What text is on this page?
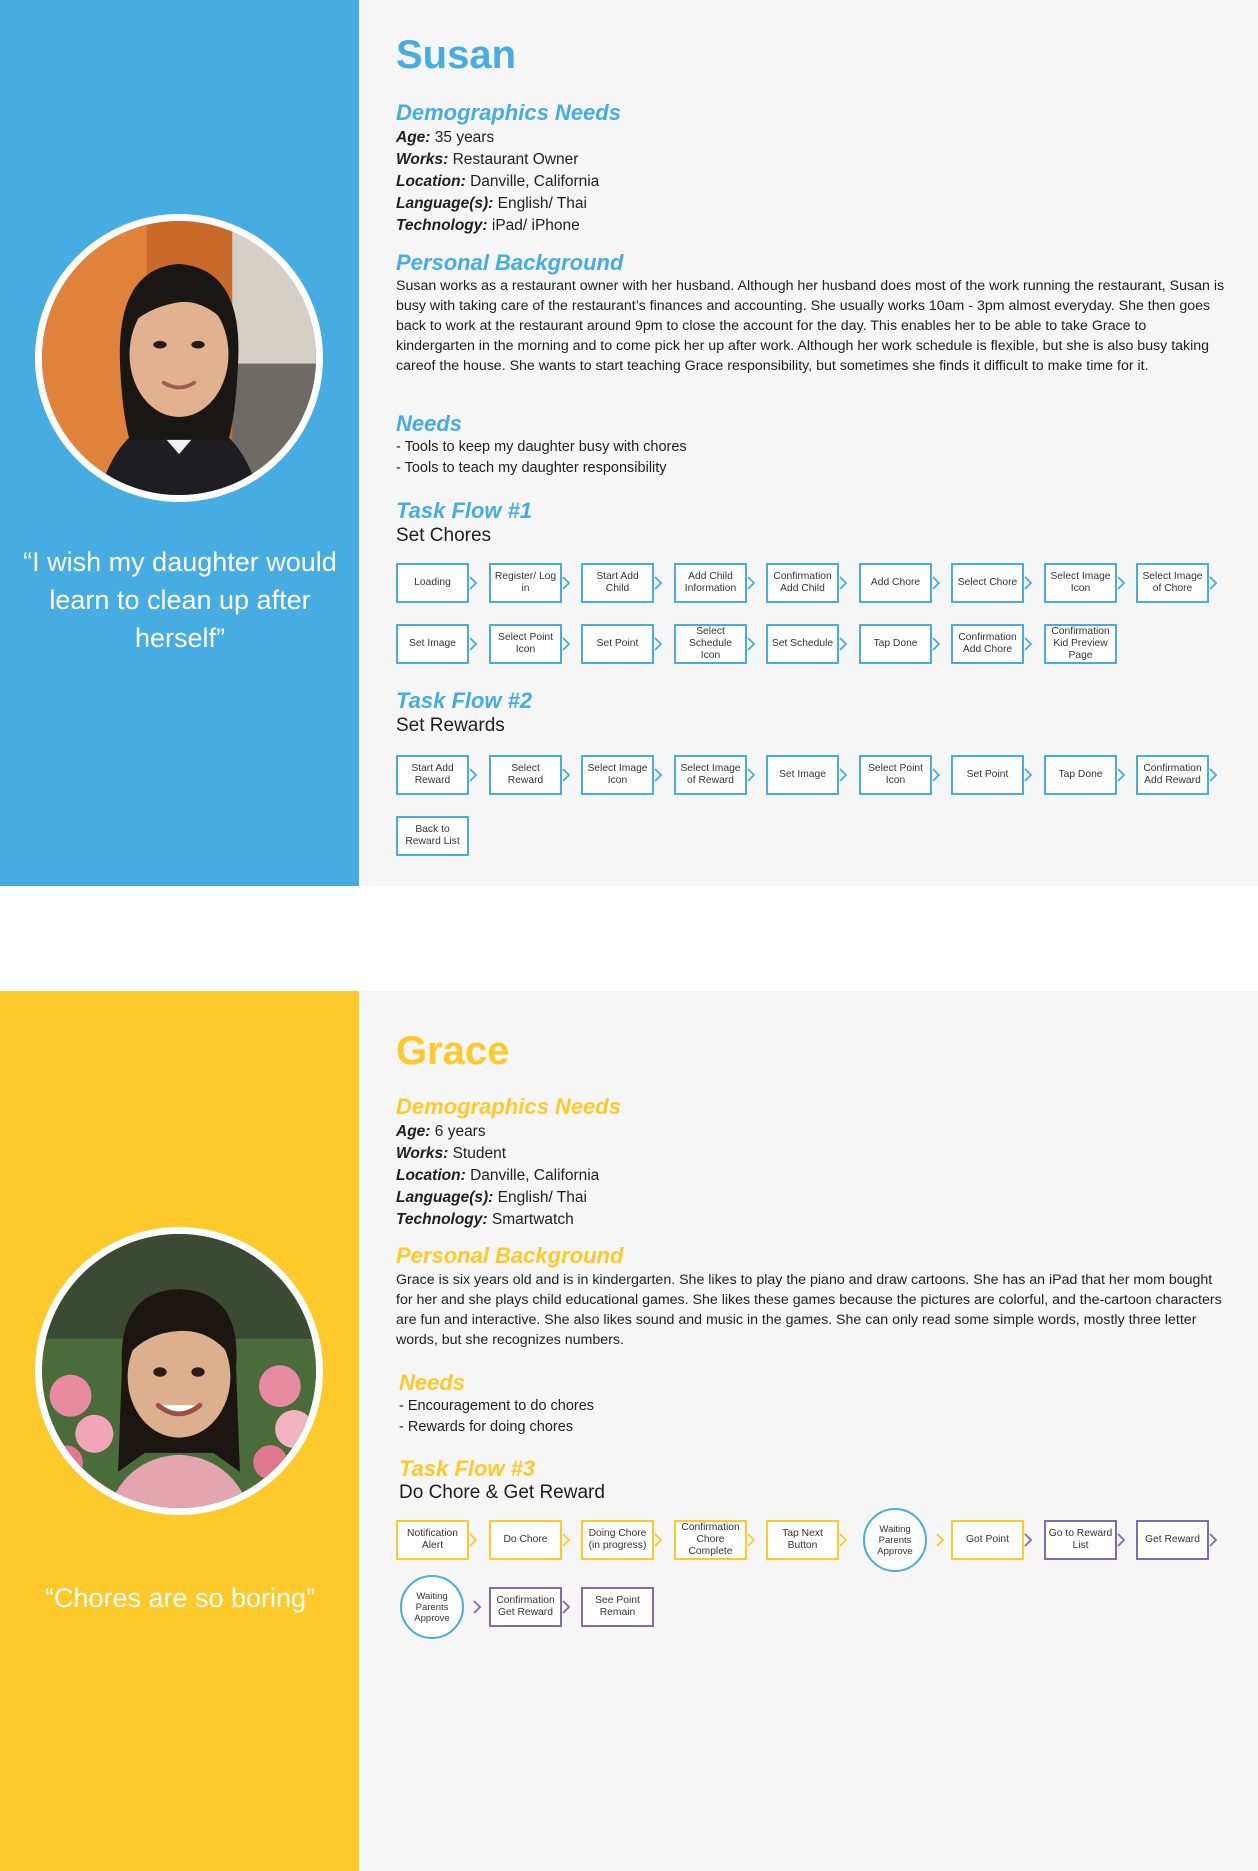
“I wish my daughter would learn to clean up after herself”
Susan
Demographics Needs
Age: 35 years
Works: Restaurant Owner
Location: Danville, California
Language(s): English/ Thai
Technology: iPad/ iPhone
Personal Background
Susan works as a restaurant owner with her husband. Although her husband does most of the work running the restaurant, Susan is busy with taking care of the restaurant’s finances and accounting. She usually works 10am - 3pm almost everyday. She then goes back to work at the restaurant around 9pm to close the account for the day. This enables her to be able to take Grace to kindergarten in the morning and to come pick her up after work. Although her work schedule is flexible, but she is also busy taking careof the house. She wants to start teaching Grace responsibility, but sometimes she finds it difficult to make time for it.
Needs
- Tools to keep my daughter busy with chores
- Tools to teach my daughter responsibility
Task Flow #1
Set Chores
Task Flow #2
Set Rewards
Loading
Register/ Log in
Start Add Child
Add Child Information
Confirmation Add Child
Add Chore	Select Chore
Select Image Icon
Select Image of Chore
Set Image
Select Point Icon
Set Point
Select Schedule Icon
Set Schedule	Tap Done
Confirmation Add Chore
Confirmation Kid Preview Page
Start Add Reward
Select Reward
Select Image Icon
Select Image of Reward
Set Image
Select Point Icon
Set Point	Tap Done
Confirmation Add Reward
Back to Reward List
“Chores are so boring”
Grace
Demographics Needs
Age: 6 years
Works: Student
Location: Danville, California
Language(s): English/ Thai
Technology: Smartwatch
Personal Background
Grace is six years old and is in kindergarten. She likes to play the piano and draw cartoons. She has an iPad that her mom bought for her and she plays child educational games. She likes these games because the pictures are colorful, and the-cartoon characters are fun and interactive. She also likes sound and music in the games. She can only read some simple words, mostly three letter words, but she recognizes numbers.
Needs
- Encouragement to do chores
- Rewards for doing chores
Task Flow #3
Do Chore & Get Reward
Notification Alert
Do Chore
Doing Chore (in progress)
Confirmation Chore Complete
Tap Next Button
Waiting Parents Approve
Got Point
Go to Reward List
Get Reward
Waiting Parents Approve
Confirmation Get Reward
See Point Remain
